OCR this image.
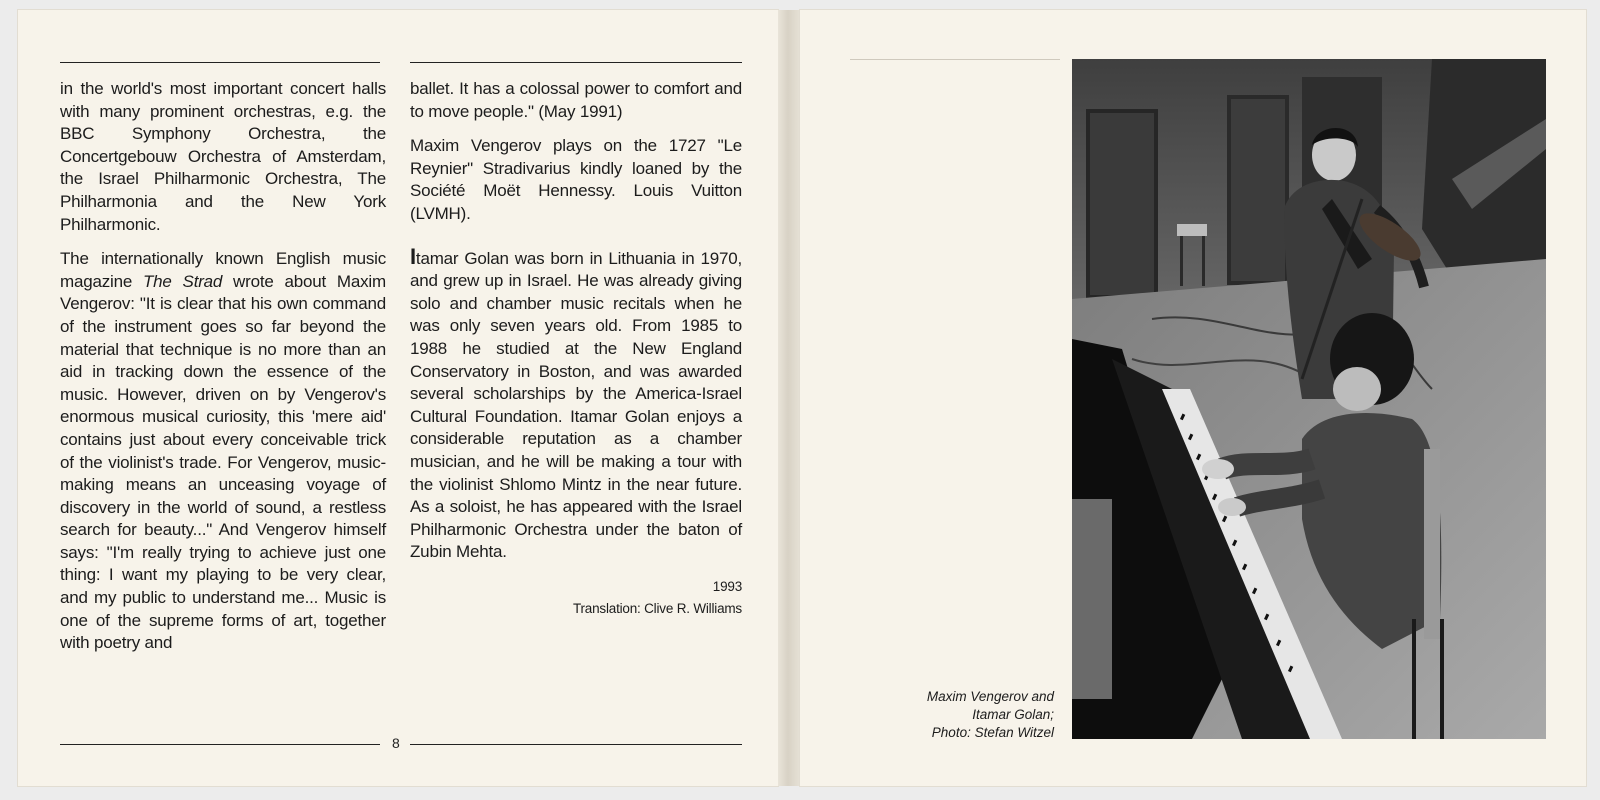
in the world's most important concert halls with many prominent orchestras, e.g. the BBC Symphony Orchestra, the Concertgebouw Orchestra of Amsterdam, the Israel Philharmonic Orchestra, The Philharmonia and the New York Philharmonic.

The internationally known English music magazine The Strad wrote about Maxim Vengerov: "It is clear that his own command of the instrument goes so far beyond the material that technique is no more than an aid in tracking down the essence of the music. However, driven on by Vengerov's enormous musical curiosity, this 'mere aid' contains just about every conceivable trick of the violinist's trade. For Vengerov, music-making means an unceasing voyage of discovery in the world of sound, a restless search for beauty..." And Vengerov himself says: "I'm really trying to achieve just one thing: I want my playing to be very clear, and my public to understand me... Music is one of the supreme forms of art, together with poetry and

ballet. It has a colossal power to comfort and to move people." (May 1991)

Maxim Vengerov plays on the 1727 "Le Reynier" Stradivarius kindly loaned by the Société Moët Hennessy. Louis Vuitton (LVMH).

Itamar Golan was born in Lithuania in 1970, and grew up in Israel. He was already giving solo and chamber music recitals when he was only seven years old. From 1985 to 1988 he studied at the New England Conservatory in Boston, and was awarded several scholarships by the America-Israel Cultural Foundation. Itamar Golan enjoys a considerable reputation as a chamber musician, and he will be making a tour with the violinist Shlomo Mintz in the near future. As a soloist, he has appeared with the Israel Philharmonic Orchestra under the baton of Zubin Mehta.

1993

Translation: Clive R. Williams

8
Maxim Vengerov and
Itamar Golan;
Photo: Stefan Witzel
